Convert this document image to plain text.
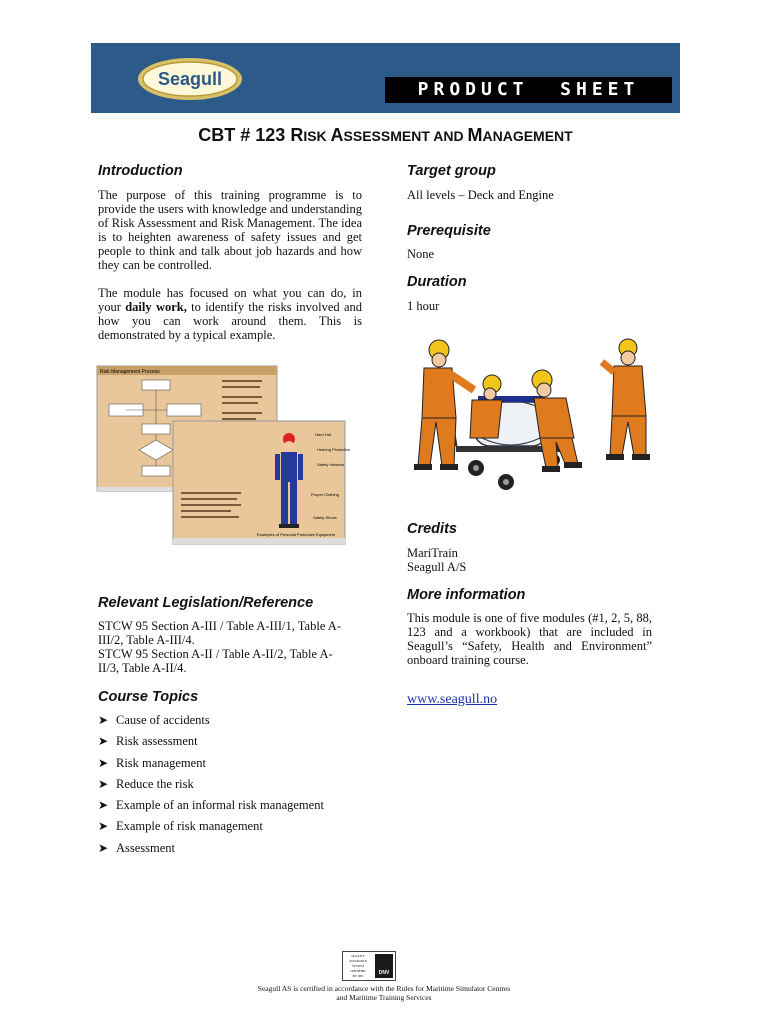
Seagull	PRODUCT  SHEET
CBT # 123 RISK ASSESSMENT AND MANAGEMENT
Introduction

The purpose of this training programme is to provide the users with knowledge and understanding of Risk Assessment and Risk Management. The idea is to heighten awareness of safety issues and get people to think and talk about job hazards and how they can be controlled.

The module has focused on what you can do, in your daily work, to identify the risks involved and how you can work around them. This is demonstrated by a typical example.

Risk Management Process
Hard Hat
Hearing Protection
Safety Harness
Proper Clothing
Safety Shoes
Examples of Personal Protective Equipment
Relevant Legislation/Reference

STCW 95 Section A-III / Table A-III/1, Table A-

III/2, Table A-III/4.

STCW 95 Section A-II / Table A-II/2, Table A-

II/3, Table A-II/4.

Course Topics
➤ Cause of accidents
➤ Risk assessment
➤ Risk management
➤ Reduce the risk
➤ Example of an informal risk management
➤ Example of risk management
➤ Assessment
Target group

All levels – Deck and Engine

Prerequisite

None

Duration

1 hour

Credits

MariTrain

Seagull A/S

More information

This module is one of five modules (#1, 2, 5, 88, 123 and a workbook) that are included in Seagull’s “Safety, Health and Environment” onboard training course.

www.seagull.no

QUALITY
ASSURANCE
SYSTEM
CERTIFIED
BY 1995	DNV
Seagull AS is certified in accordance with the Rules for Maritime Simulator Centres
and Maritime Training Services
